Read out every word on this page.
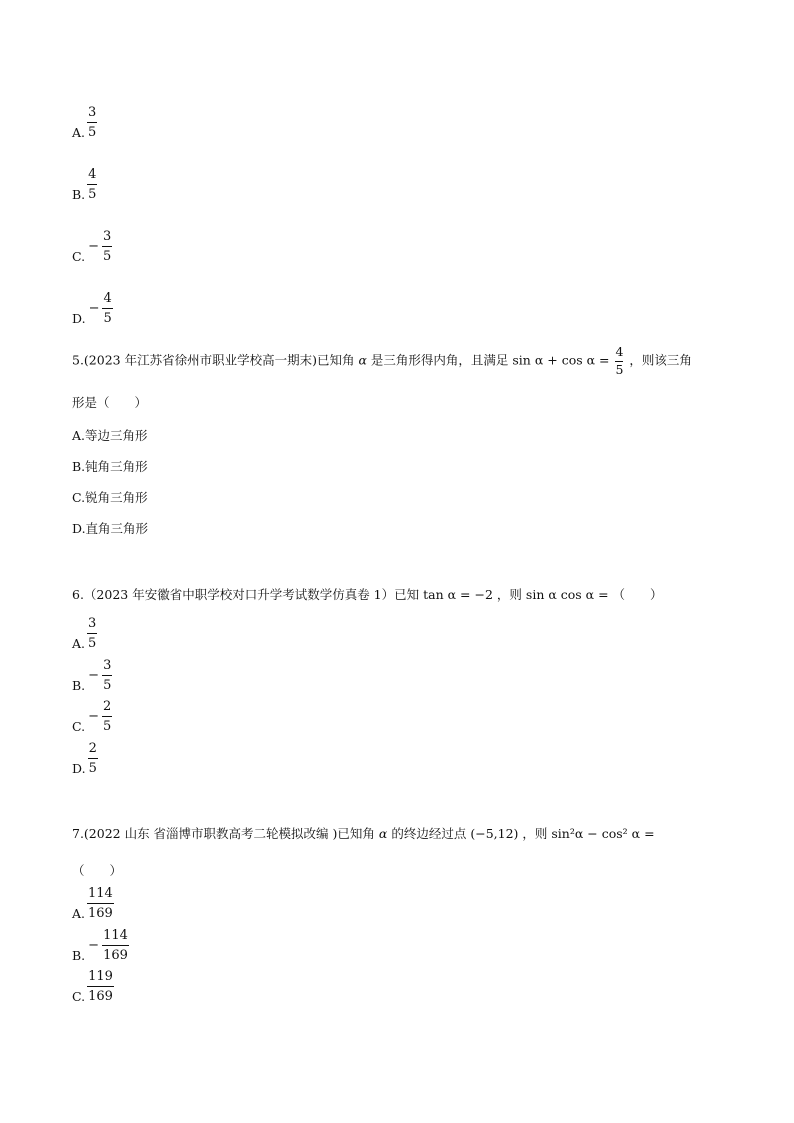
A. $\frac{3}{5}$
B. $\frac{4}{5}$
C.
− $\frac{3}{5}$
D.
− $\frac{4}{5}$
5.(2023 年江苏省徐州市职业学校高一期末)已知角 α 是三角形得内角，且满足 $\sin \alpha + \cos \alpha = \frac{4}{5}$ ，则该三角
形是（　　）
A.等边三角形
B.钝角三角形
C.锐角三角形
D.直角三角形
6.（2023 年安徽省中职学校对口升学考试数学仿真卷 1）已知 tan α = −2 ，则 sin α cos α = （　　）
A. $\frac{3}{5}$
B.
− $\frac{3}{5}$
C.
− $\frac{2}{5}$
D. $\frac{2}{5}$
7.(2022 山东 省淄博市职教高考二轮模拟改编 )已知角 α 的终边经过点 (−5,12) ，则 sin²α − cos² α =
（　　）
A. $\frac{114}{169}$
B.
− $\frac{114}{169}$
C. $\frac{119}{169}$
